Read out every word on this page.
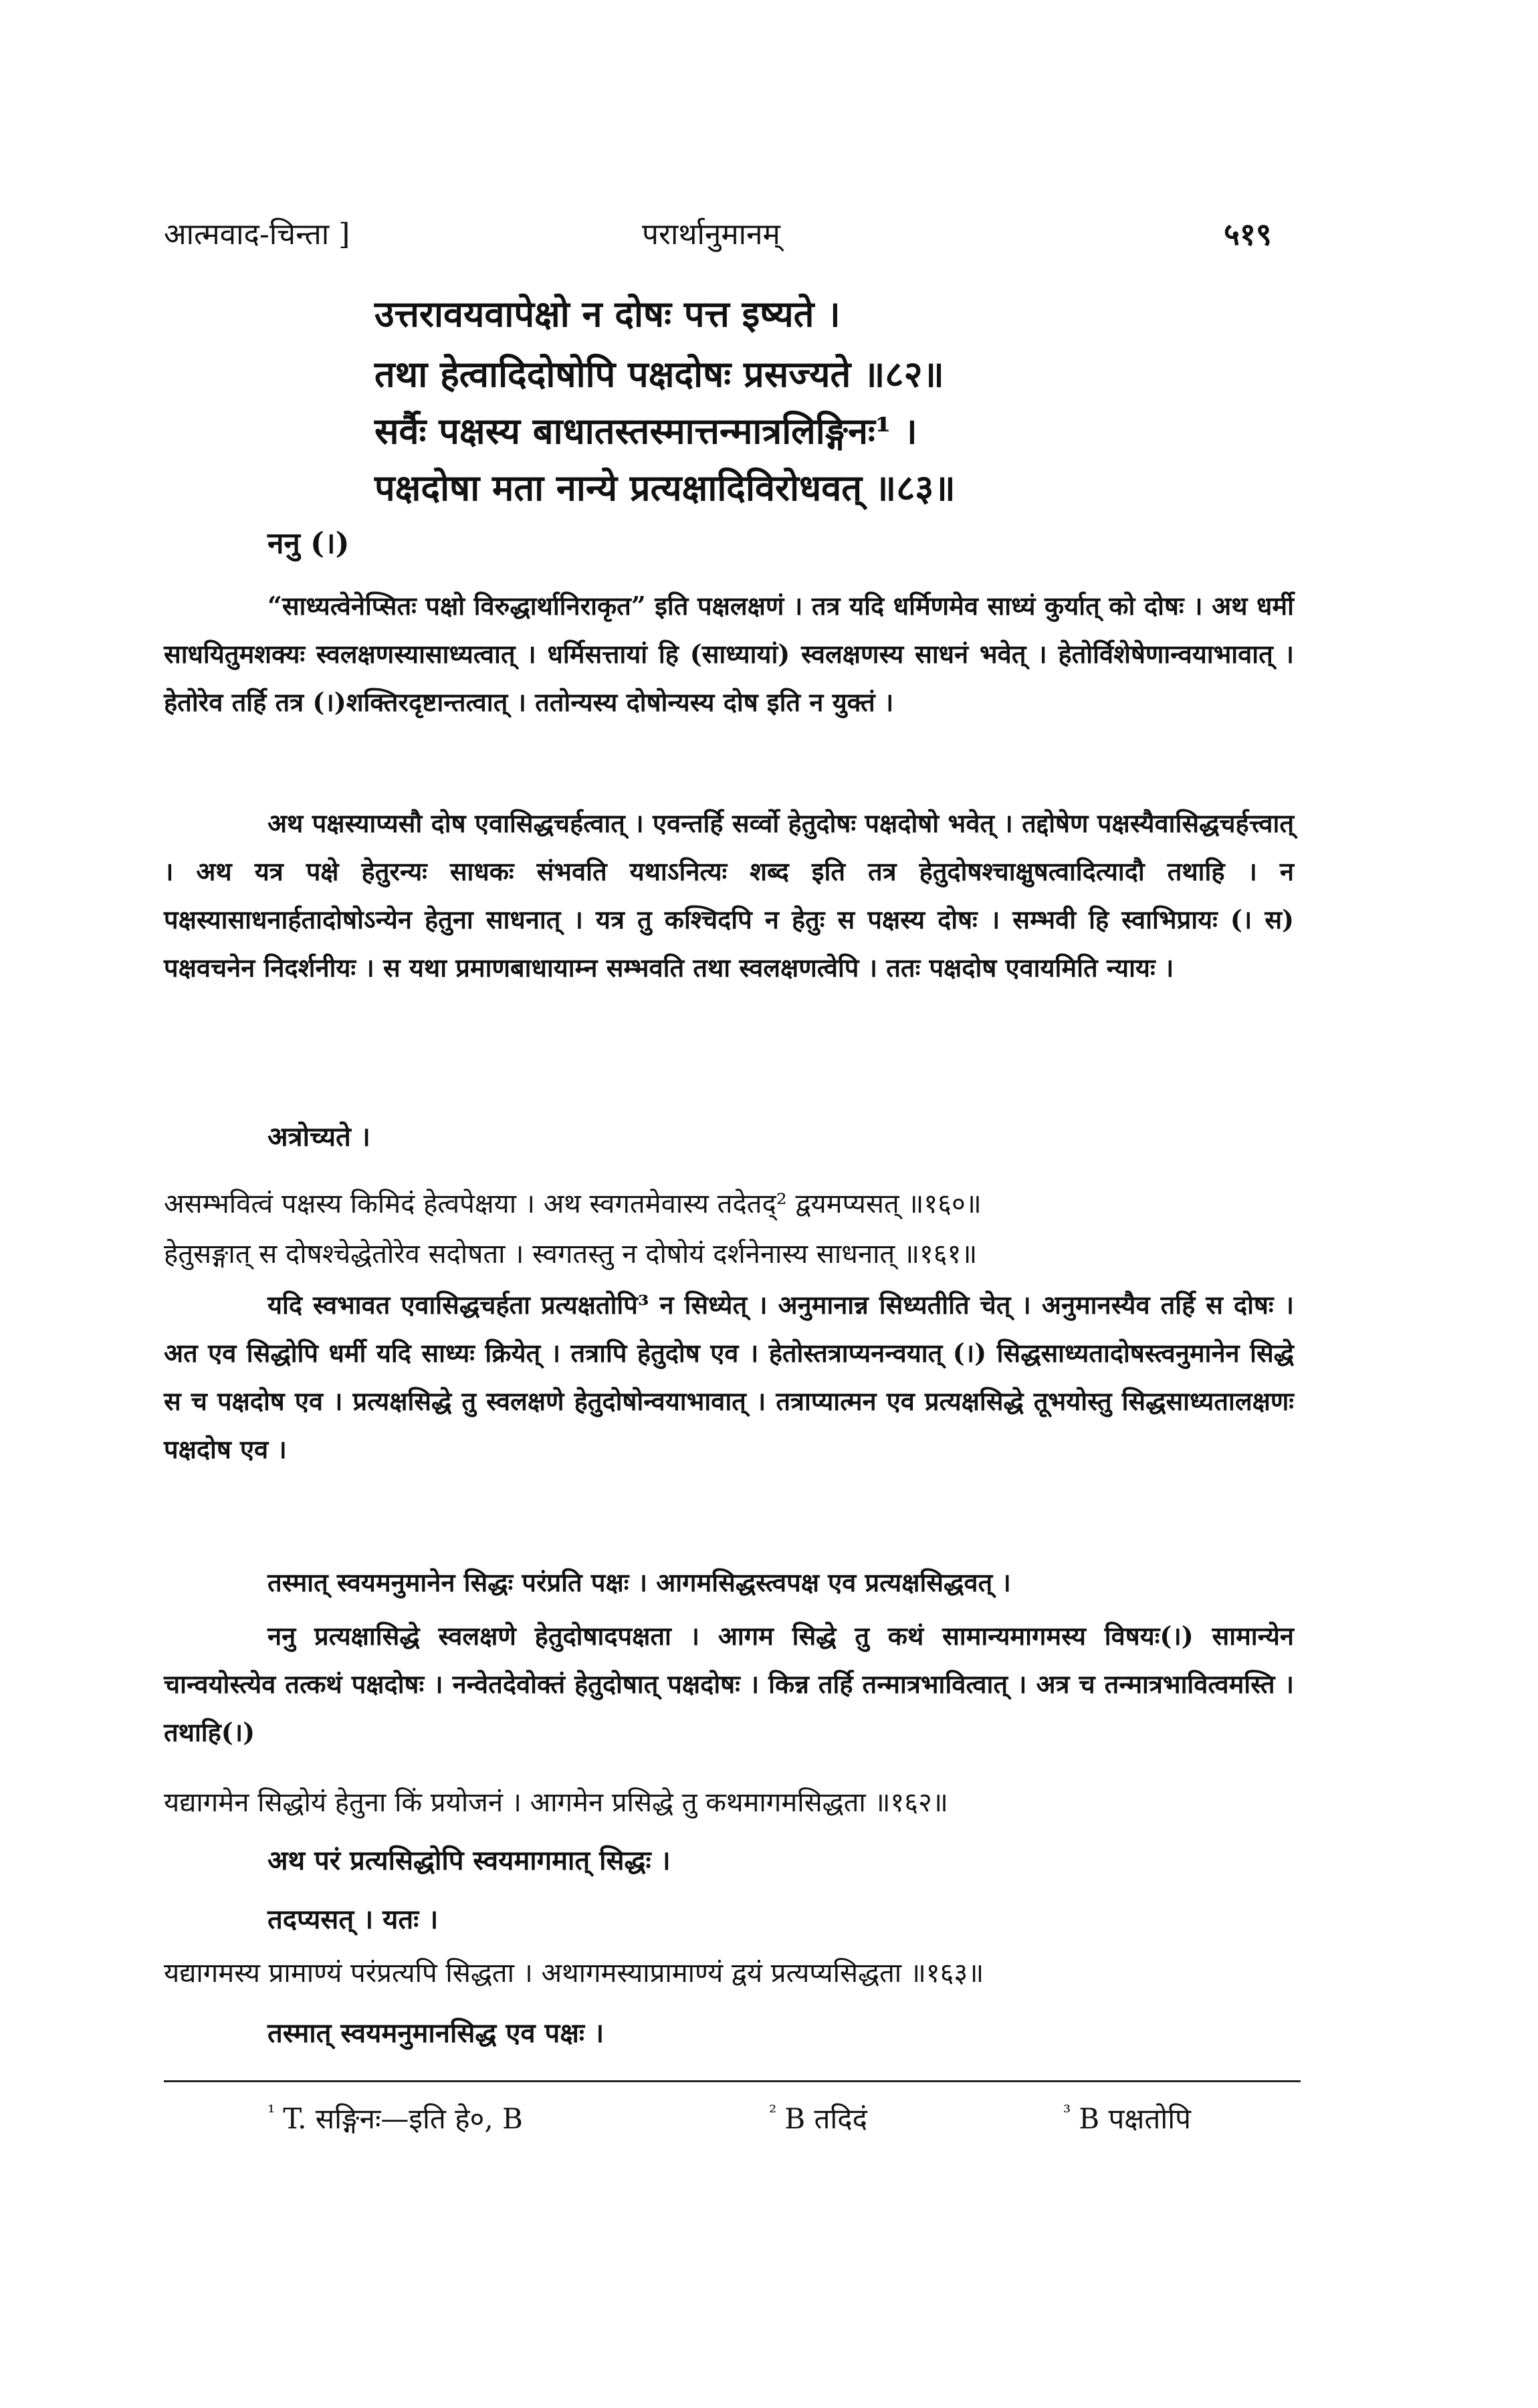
आत्मवाद-चिन्ता ]	परार्थानुमानम्	५१९
उत्तरावयवापेक्षो न दोषः पत्त इष्यते ।
तथा हेत्वादिदोषोपि पक्षदोषः प्रसज्यते ॥८२॥
सर्वैः पक्षस्य बाधातस्तस्मात्तन्मात्रलिङ्गिनः¹ ।
पक्षदोषा मता नान्ये प्रत्यक्षादिविरोधवत् ॥८३॥
ननु (।)
“साध्यत्वेनेप्सितः पक्षो विरुद्धार्थानिराकृत” इति पक्षलक्षणं । तत्र यदि धर्मिणमेव साध्यं कुर्यात् को दोषः । अथ धर्मी साधयितुमशक्यः स्वलक्षणस्यासाध्यत्वात् । धर्मिसत्तायां हि (साध्यायां) स्वलक्षणस्य साधनं भवेत् । हेतोर्विशेषेणान्वयाभावात् । हेतोरेव तर्हि तत्र (।)शक्तिरदृष्टान्तत्वात् । ततोन्यस्य दोषोन्यस्य दोष इति न युक्तं ।
अथ पक्षस्याप्यसौ दोष एवासिद्धचर्हत्वात् । एवन्तर्हि सर्व्वो हेतुदोषः पक्षदोषो भवेत् । तद्दोषेण पक्षस्यैवासिद्धचर्हत्त्वात् । अथ यत्र पक्षे हेतुरन्यः साधकः संभवति यथाऽनित्यः शब्द इति तत्र हेतुदोषश्चाक्षुषत्वादित्यादौ तथाहि । न पक्षस्यासाधनार्हतादोषोऽन्येन हेतुना साधनात् । यत्र तु कश्चिदपि न हेतुः स पक्षस्य दोषः । सम्भवी हि स्वाभिप्रायः (। स) पक्षवचनेन निदर्शनीयः । स यथा प्रमाणबाधायाम्न सम्भवति तथा स्वलक्षणत्वेपि । ततः पक्षदोष एवायमिति न्यायः ।
अत्रोच्यते ।
असम्भवित्वं पक्षस्य किमिदं हेत्वपेक्षया । अथ स्वगतमेवास्य तदेतद्² द्वयमप्यसत् ॥१६०॥
हेतुसङ्गात् स दोषश्चेद्धेतोरेव सदोषता । स्वगतस्तु न दोषोयं दर्शनेनास्य साधनात् ॥१६१॥
यदि स्वभावत एवासिद्धचर्हता प्रत्यक्षतोपि³ न सिध्येत् । अनुमानान्न सिध्यतीति चेत् । अनुमानस्यैव तर्हि स दोषः । अत एव सिद्धोपि धर्मी यदि साध्यः क्रियेत् । तत्रापि हेतुदोष एव । हेतोस्तत्राप्यनन्वयात् (।) सिद्धसाध्यतादोषस्त्वनुमानेन सिद्धे स च पक्षदोष एव । प्रत्यक्षसिद्धे तु स्वलक्षणे हेतुदोषोन्वयाभावात् । तत्राप्यात्मन एव प्रत्यक्षसिद्धे तूभयोस्तु सिद्धसाध्यतालक्षणः पक्षदोष एव ।
तस्मात् स्वयमनुमानेन सिद्धः परंप्रति पक्षः । आगमसिद्धस्त्वपक्ष एव प्रत्यक्षसिद्धवत् ।
ननु प्रत्यक्षासिद्धे स्वलक्षणे हेतुदोषादपक्षता । आगम सिद्धे तु कथं सामान्यमागमस्य विषयः(।) सामान्येन चान्वयोस्त्येव तत्कथं पक्षदोषः । नन्वेतदेवोक्तं हेतुदोषात् पक्षदोषः । किन्न तर्हि तन्मात्रभावित्वात् । अत्र च तन्मात्रभावित्वमस्ति । तथाहि(।)
यद्यागमेन सिद्धोयं हेतुना किं प्रयोजनं । आगमेन प्रसिद्धे तु कथमागमसिद्धता ॥१६२॥
अथ परं प्रत्यसिद्धोपि स्वयमागमात् सिद्धः ।
तदप्यसत् । यतः ।
यद्यागमस्य प्रामाण्यं परंप्रत्यपि सिद्धता । अथागमस्याप्रामाण्यं द्वयं प्रत्यप्यसिद्धता ॥१६३॥
तस्मात् स्वयमनुमानसिद्ध एव पक्षः ।
$^{^1}$ T. सङ्गिनः—इति हे०, B	$^{^2}$ B तदिदं	$^{^3}$ B पक्षतोपि
